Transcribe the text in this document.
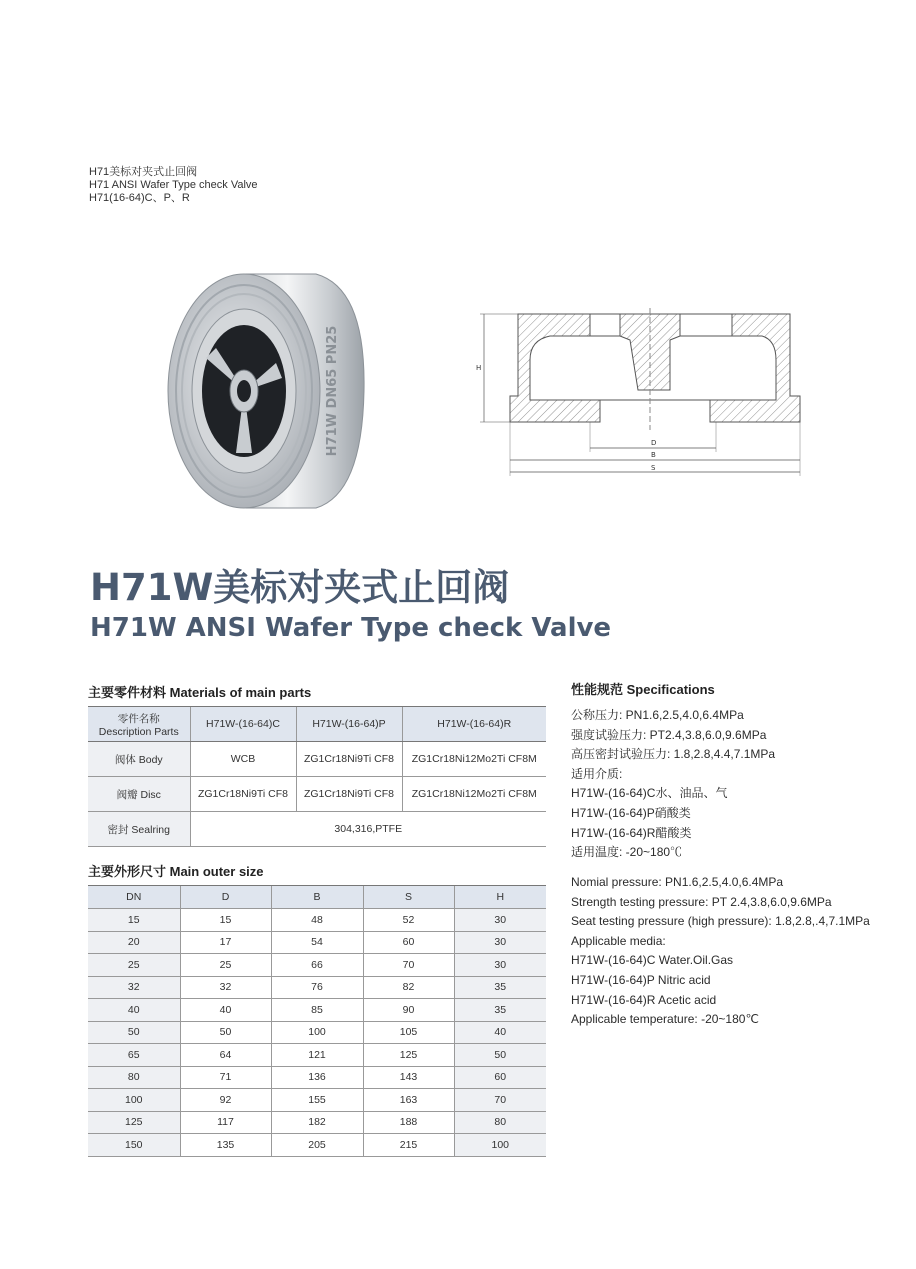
H71美标对夹式止回阀
H71 ANSI Wafer Type check Valve
H71(16-64)C、P、R
H71W DN65 PN25	H
D
B
S
H71W美标对夹式止回阀
H71W ANSI Wafer Type check Valve
主要零件材料 Materials of main parts
零件名称
Description Parts	H71W-(16-64)C	H71W-(16-64)P	H71W-(16-64)R
阀体 Body	WCB	ZG1Cr18Ni9Ti CF8	ZG1Cr18Ni12Mo2Ti CF8M
阀瓣 Disc	ZG1Cr18Ni9Ti CF8	ZG1Cr18Ni9Ti CF8	ZG1Cr18Ni12Mo2Ti CF8M
密封 Sealring	304,316,PTFE		
主要外形尺寸 Main outer size
DN	D	B	S	H
15	15	48	52	30
20	17	54	60	30
25	25	66	70	30
32	32	76	82	35
40	40	85	90	35
50	50	100	105	40
65	64	121	125	50
80	71	136	143	60
100	92	155	163	70
125	117	182	188	80
150	135	205	215	100
性能规范 Specifications
公称压力: PN1.6,2.5,4.0,6.4MPa
强度试验压力: PT2.4,3.8,6.0,9.6MPa
高压密封试验压力: 1.8,2.8,4.4,7.1MPa
适用介质:
H71W-(16-64)C水、油品、气
H71W-(16-64)P硝酸类
H71W-(16-64)R醋酸类
适用温度: -20~180℃
Nomial pressure: PN1.6,2.5,4.0,6.4MPa
Strength testing pressure: PT 2.4,3.8,6.0,9.6MPa
Seat testing pressure (high pressure): 1.8,2.8,.4,7.1MPa
Applicable media:
H71W-(16-64)C Water.Oil.Gas
H71W-(16-64)P Nitric acid
H71W-(16-64)R Acetic acid
Applicable temperature: -20~180℃
